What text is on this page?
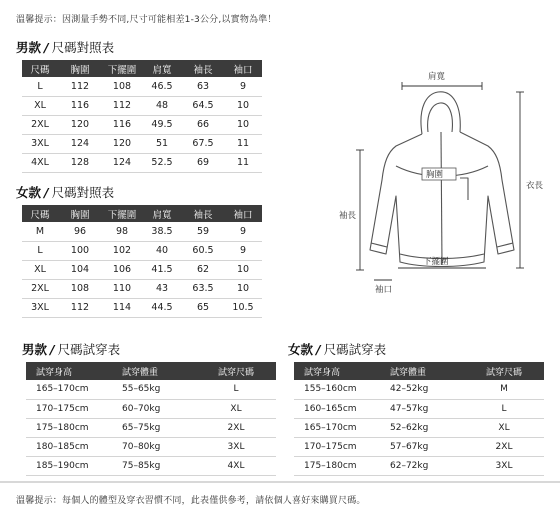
溫馨提示：因測量手勢不同,尺寸可能相差1-3公分,以實物為準！
男款 / 尺碼對照表
尺碼	胸圍	下擺圍	肩寬	袖長	袖口
L	112	108	46.5	63	9
XL	116	112	48	64.5	10
2XL	120	116	49.5	66	10
3XL	124	120	51	67.5	11
4XL	128	124	52.5	69	11
女款 / 尺碼對照表
尺碼	胸圍	下擺圍	肩寬	袖長	袖口
M	96	98	38.5	59	9
L	100	102	40	60.5	9
XL	104	106	41.5	62	10
2XL	108	110	43	63.5	10
3XL	112	114	44.5	65	10.5
肩寬
衣長
胸圍
袖長
下擺圍
袖口
男款 / 尺碼試穿表
試穿身高	試穿體重	試穿尺碼
165–170cm	55–65kg	L
170–175cm	60–70kg	XL
175–180cm	65–75kg	2XL
180–185cm	70–80kg	3XL
185–190cm	75–85kg	4XL
女款 / 尺碼試穿表
試穿身高	試穿體重	試穿尺碼
155–160cm	42–52kg	M
160–165cm	47–57kg	L
165–170cm	52–62kg	XL
170–175cm	57–67kg	2XL
175–180cm	62–72kg	3XL
溫馨提示：每個人的體型及穿衣習慣不同，此表僅供參考，請依個人喜好來購買尺碼。
